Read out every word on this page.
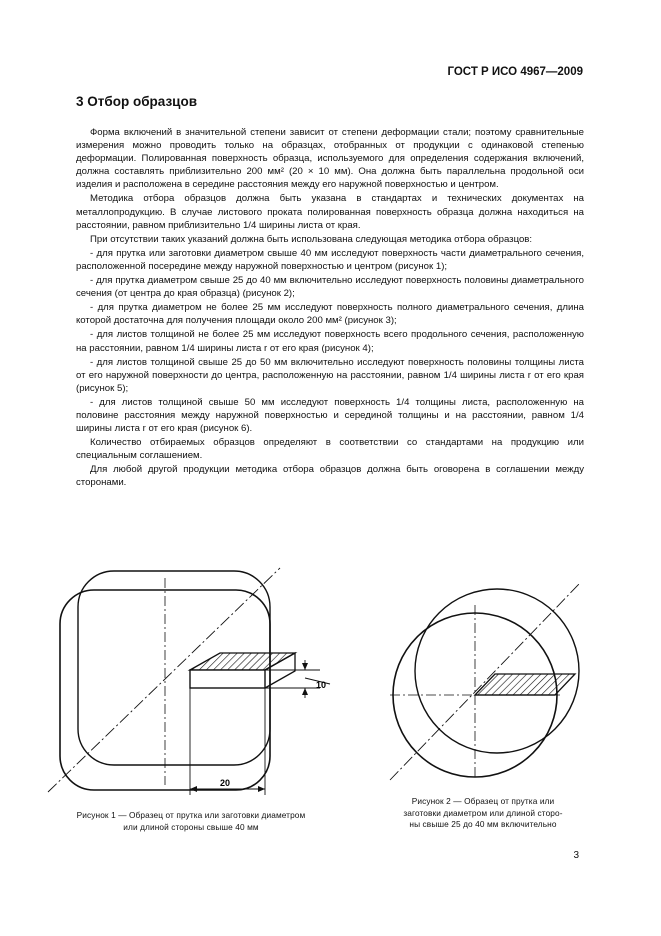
ГОСТ Р ИСО 4967—2009
3 Отбор образцов

Форма включений в значительной степени зависит от степени деформации стали; поэтому сравнительные измерения можно проводить только на образцах, отобранных от продукции с одинаковой степенью деформации. Полированная поверхность образца, используемого для определения содержания включений, должна составлять приблизительно 200 мм² (20 × 10 мм). Она должна быть параллельна продольной оси изделия и расположена в середине расстояния между его наружной поверхностью и центром.

Методика отбора образцов должна быть указана в стандартах и технических документах на металлопродукцию. В случае листового проката полированная поверхность образца должна находиться на расстоянии, равном приблизительно 1/4 ширины листа от края.

При отсутствии таких указаний должна быть использована следующая методика отбора образцов:

- для прутка или заготовки диаметром свыше 40 мм исследуют поверхность части диаметрального сечения, расположенной посередине между наружной поверхностью и центром (рисунок 1);

- для прутка диаметром свыше 25 до 40 мм включительно исследуют поверхность половины диаметрального сечения (от центра до края образца) (рисунок 2);

- для прутка диаметром не более 25 мм исследуют поверхность полного диаметрального сечения, длина которой достаточна для получения площади около 200 мм² (рисунок 3);

- для листов толщиной не более 25 мм исследуют поверхность всего продольного сечения, расположенную на расстоянии, равном 1/4 ширины листа r от его края (рисунок 4);

- для листов толщиной свыше 25 до 50 мм включительно исследуют поверхность половины толщины листа от его наружной поверхности до центра, расположенную на расстоянии, равном 1/4 ширины листа r от его края (рисунок 5);

- для листов толщиной свыше 50 мм исследуют поверхность 1/4 толщины листа, расположенную на половине расстояния между наружной поверхностью и серединой толщины и на расстоянии, равном 1/4 ширины листа r от его края (рисунок 6).

Количество отбираемых образцов определяют в соответствии со стандартами на продукцию или специальным соглашением.

Для любой другой продукции методика отбора образцов должна быть оговорена в соглашении между сторонами.

10
20
Рисунок 1 — Образец от прутка или заготовки диаметром
или длиной стороны свыше 40 мм
Рисунок 2 — Образец от прутка или
заготовки диаметром или длиной сторо-
ны свыше 25 до 40 мм включительно
3
